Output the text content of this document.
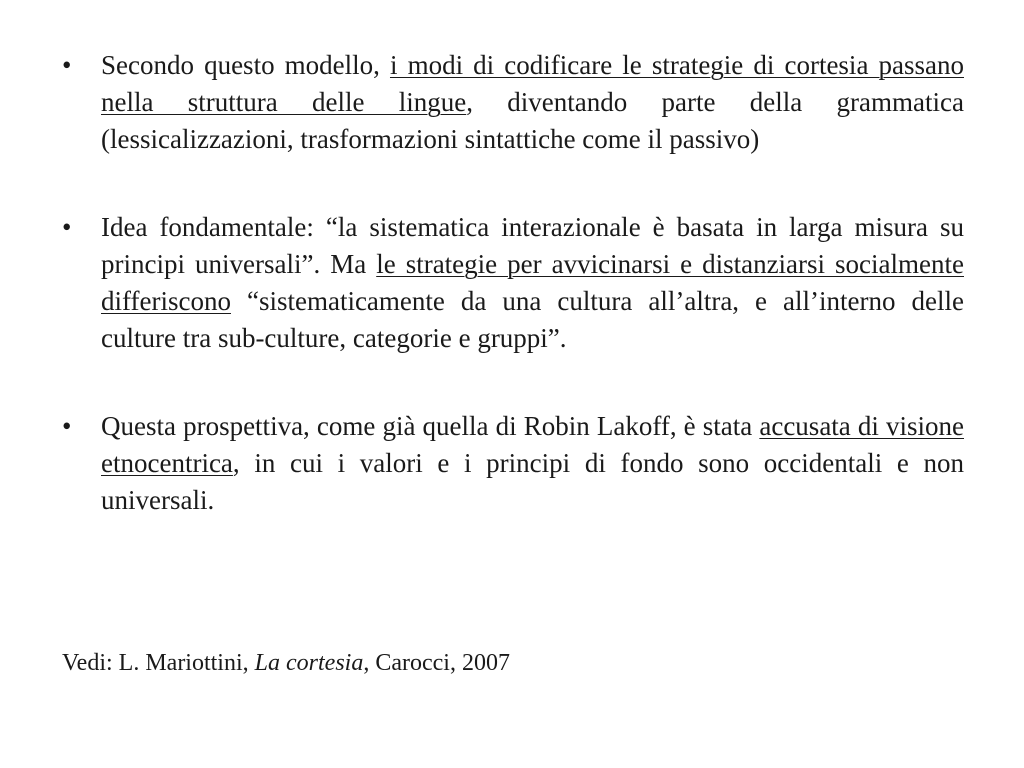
•	Secondo questo modello, i modi di codificare le strategie di cortesia passano nella struttura delle lingue, diventando parte della grammatica (lessicalizzazioni, trasformazioni sintattiche come il passivo)
•	Idea fondamentale: “la sistematica interazionale è basata in larga misura su principi universali”. Ma le strategie per avvicinarsi e distanziarsi socialmente differiscono “sistematicamente da una cultura all’altra, e all’interno delle culture tra sub-culture, categorie e gruppi”.
•	Questa prospettiva, come già quella di Robin Lakoff, è stata accusata di visione etnocentrica, in cui i valori e i principi di fondo sono occidentali e non universali.
Vedi: L. Mariottini, La cortesia, Carocci, 2007
